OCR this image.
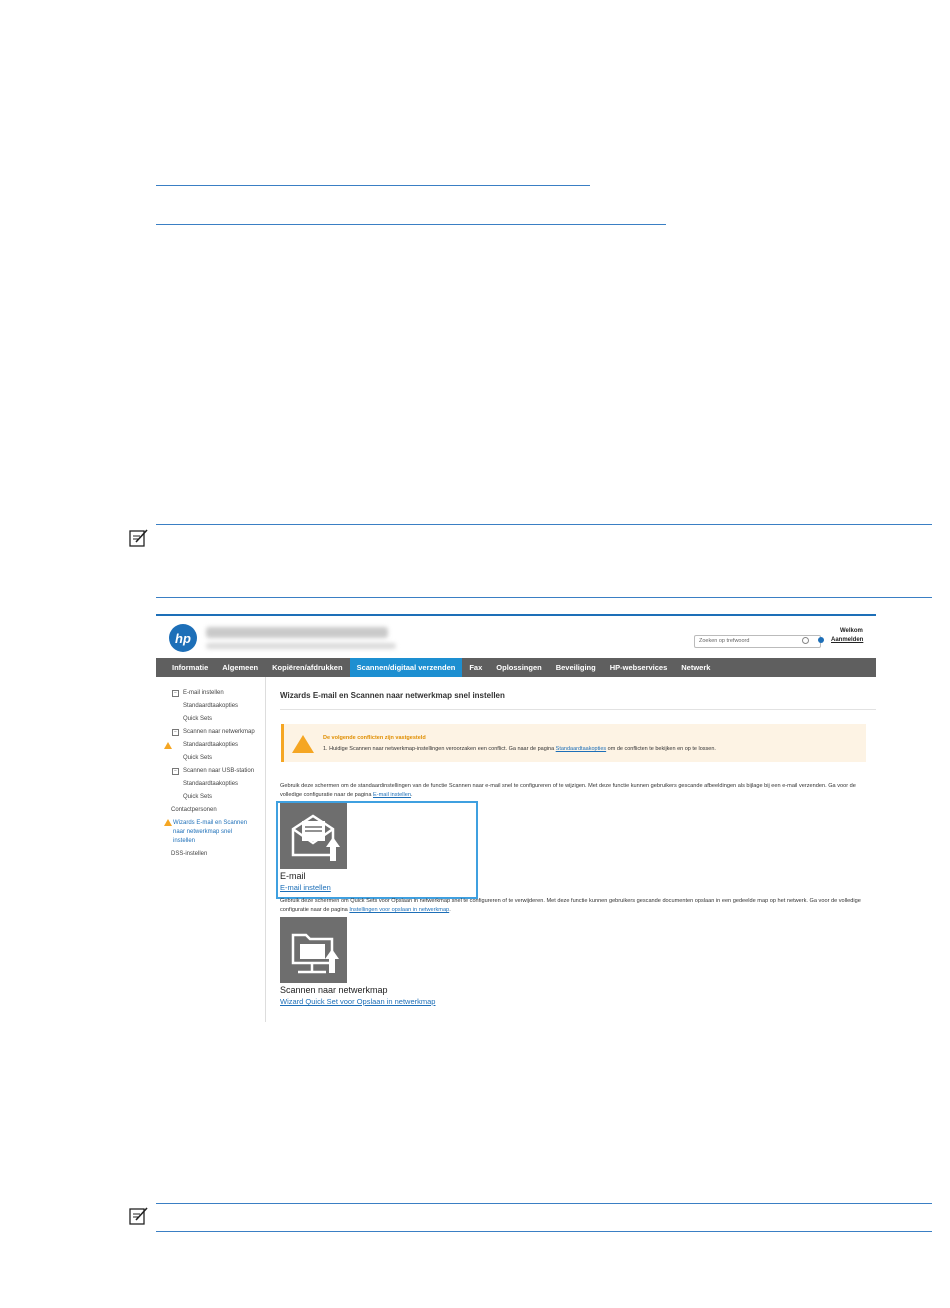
hp	Zoeken op trefwoord
Welkom
Aanmelden
Informatie	Algemeen	Kopiëren/afdrukken	Scannen/digitaal verzenden	Fax	Oplossingen	Beveiliging	HP-webservices	Netwerk
−	E-mail instellen
Standaardtaakopties
Quick Sets
−	Scannen naar netwerkmap
Standaardtaakopties
Quick Sets
−	Scannen naar USB-station
Standaardtaakopties
Quick Sets
Contactpersonen
Wizards E-mail en Scannen
naar netwerkmap snel
instellen
DSS-instellen
Wizards E-mail en Scannen naar netwerkmap snel instellen
De volgende conflicten zijn vastgesteld
1. Huidige Scannen naar netwerkmap-instellingen veroorzaken een conflict. Ga naar de pagina Standaardtaakopties om de conflicten te bekijken en op te lossen.
Gebruik deze schermen om de standaardinstellingen van de functie Scannen naar e-mail snel te configureren of te wijzigen. Met deze functie kunnen gebruikers gescande afbeeldingen als bijlage bij een e-mail verzenden. Ga voor de volledige configuratie naar de pagina E-mail instellen.
E-mail
E-mail instellen
Gebruik deze schermen om Quick Sets voor Opslaan in netwerkmap snel te configureren of te verwijderen. Met deze functie kunnen gebruikers gescande documenten opslaan in een gedeelde map op het netwerk. Ga voor de volledige configuratie naar de pagina Instellingen voor opslaan in netwerkmap.
Scannen naar netwerkmap
Wizard Quick Set voor Opslaan in netwerkmap
